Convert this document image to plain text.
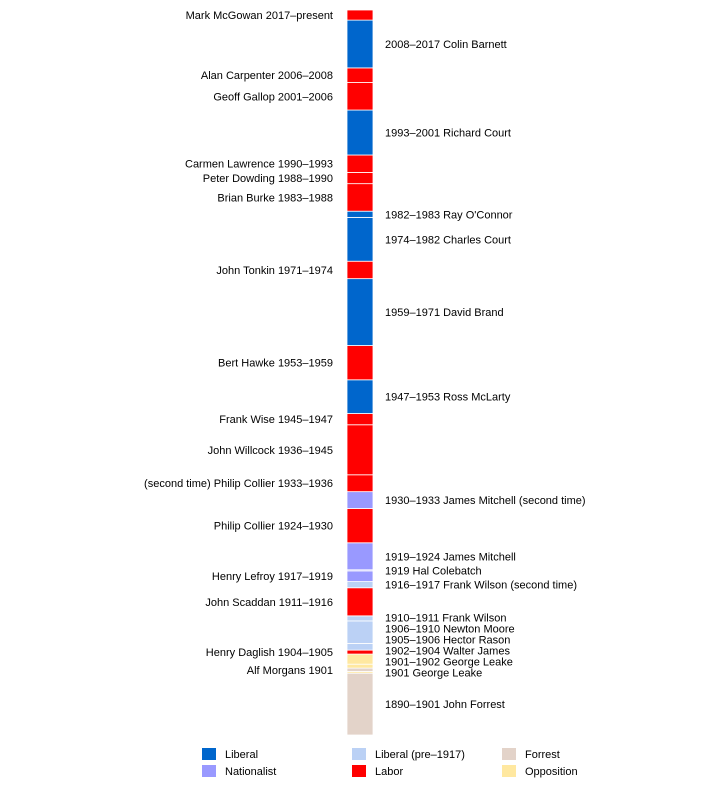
Alf Morgans 1901
Henry Daglish 1904–1905
John Scaddan 1911–1916
Henry Lefroy 1917–1919
Philip Collier 1924–1930
(second time) Philip Collier 1933–1936
John Willcock 1936–1945
Frank Wise 1945–1947
Bert Hawke 1953–1959
John Tonkin 1971–1974
Brian Burke 1983–1988
Peter Dowding 1988–1990
Carmen Lawrence 1990–1993
Geoff Gallop 2001–2006
Alan Carpenter 2006–2008
Mark McGowan 2017–present
1890–1901 John Forrest
1901 George Leake
1901–1902 George Leake
1902–1904 Walter James
1905–1906 Hector Rason
1906–1910 Newton Moore
1910–1911 Frank Wilson
1916–1917 Frank Wilson (second time)
1919 Hal Colebatch
1919–1924 James Mitchell
1930–1933 James Mitchell (second time)
1947–1953 Ross McLarty
1959–1971 David Brand
1974–1982 Charles Court
1982–1983 Ray O'Connor
1993–2001 Richard Court
2008–2017 Colin Barnett
Liberal
Nationalist
Liberal (pre–1917)
Labor
Forrest
Opposition
